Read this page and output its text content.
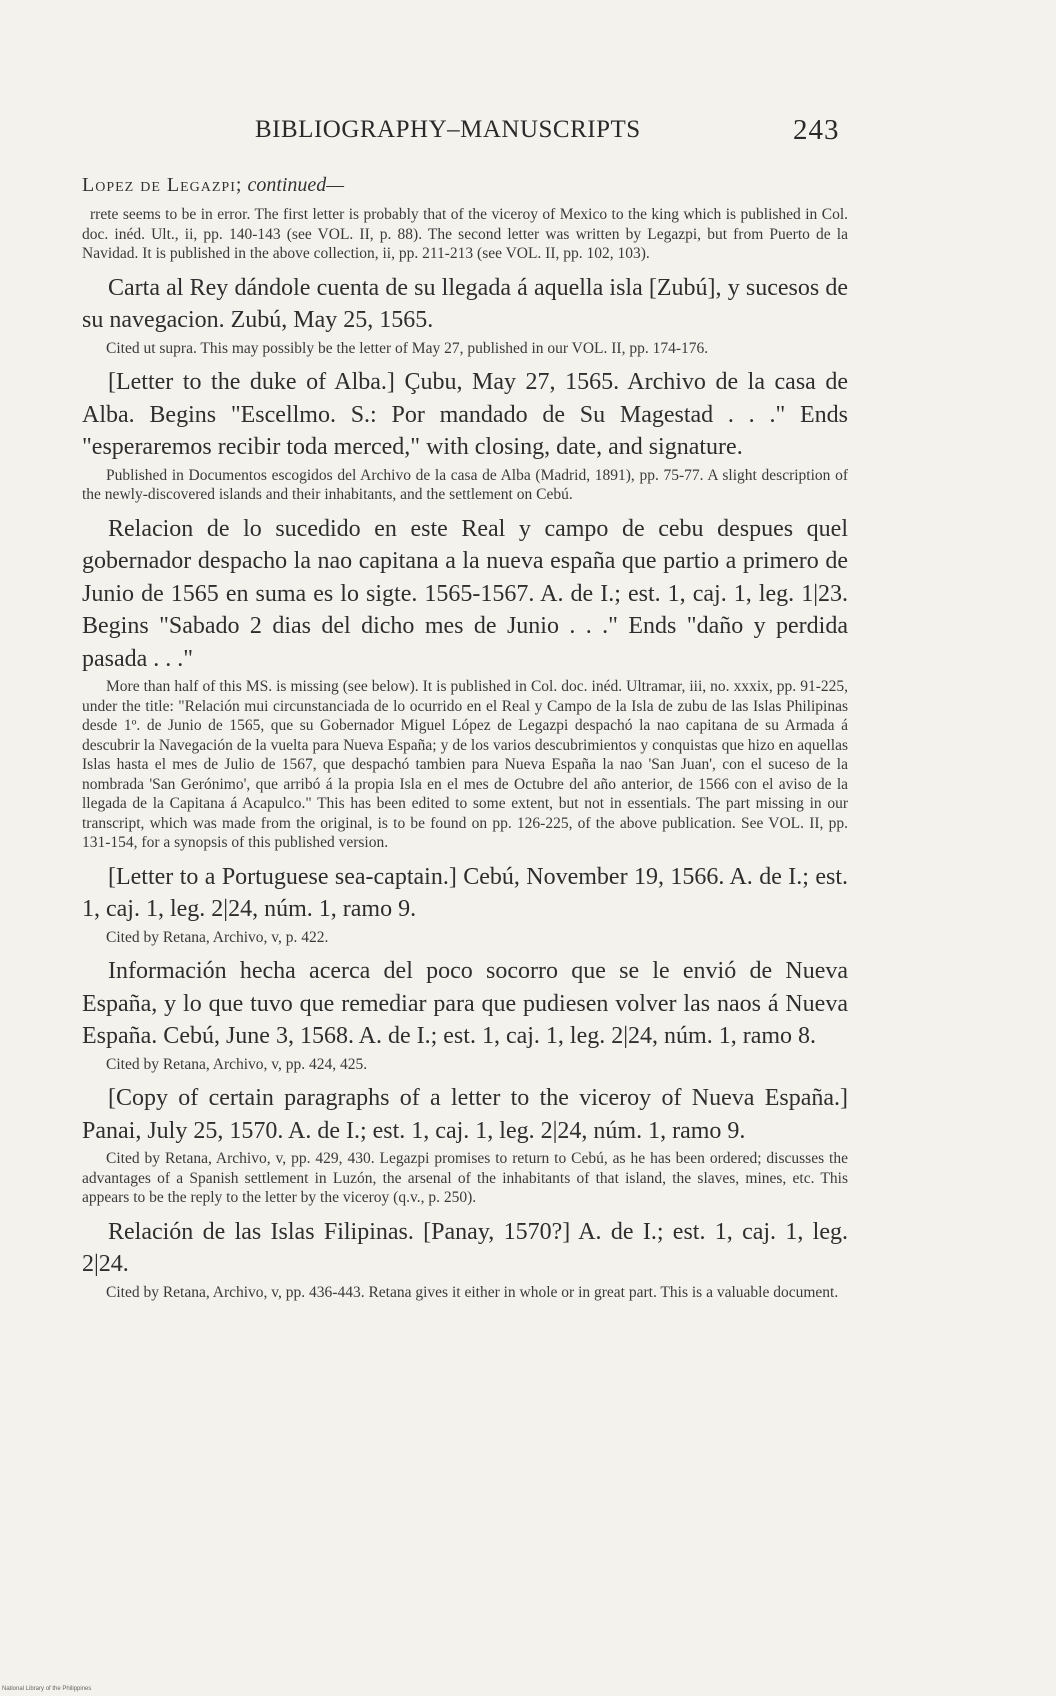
BIBLIOGRAPHY–MANUSCRIPTS	243

Lopez de Legazpi; continued—

rrete seems to be in error. The first letter is probably that of the viceroy of Mexico to the king which is published in Col. doc. inéd. Ult., ii, pp. 140-143 (see VOL. II, p. 88). The second letter was written by Legazpi, but from Puerto de la Navidad. It is published in the above collection, ii, pp. 211-213 (see VOL. II, pp. 102, 103).

Carta al Rey dándole cuenta de su llegada á aquella isla [Zubú], y sucesos de su navegacion. Zubú, May 25, 1565.

Cited ut supra. This may possibly be the letter of May 27, published in our VOL. II, pp. 174-176.

[Letter to the duke of Alba.] Çubu, May 27, 1565. Archivo de la casa de Alba. Begins "Escellmo. S.: Por mandado de Su Magestad . . ." Ends "esperaremos recibir toda merced," with closing, date, and signature.

Published in Documentos escogidos del Archivo de la casa de Alba (Madrid, 1891), pp. 75-77. A slight description of the newly-discovered islands and their inhabitants, and the settlement on Cebú.

Relacion de lo sucedido en este Real y campo de cebu despues quel gobernador despacho la nao capitana a la nueva españa que partio a primero de Junio de 1565 en suma es lo sigte. 1565-1567. A. de I.; est. 1, caj. 1, leg. 1|23. Begins "Sabado 2 dias del dicho mes de Junio . . ." Ends "daño y perdida pasada . . ."

More than half of this MS. is missing (see below). It is published in Col. doc. inéd. Ultramar, iii, no. xxxix, pp. 91-225, under the title: "Relación mui circunstanciada de lo ocurrido en el Real y Campo de la Isla de zubu de las Islas Philipinas desde 1º. de Junio de 1565, que su Gobernador Miguel López de Legazpi despachó la nao capitana de su Armada á descubrir la Navegación de la vuelta para Nueva España; y de los varios descubrimientos y conquistas que hizo en aquellas Islas hasta el mes de Julio de 1567, que despachó tambien para Nueva España la nao 'San Juan', con el suceso de la nombrada 'San Gerónimo', que arribó á la propia Isla en el mes de Octubre del año anterior, de 1566 con el aviso de la llegada de la Capitana á Acapulco." This has been edited to some extent, but not in essentials. The part missing in our transcript, which was made from the original, is to be found on pp. 126-225, of the above publication. See VOL. II, pp. 131-154, for a synopsis of this published version.

[Letter to a Portuguese sea-captain.] Cebú, November 19, 1566. A. de I.; est. 1, caj. 1, leg. 2|24, núm. 1, ramo 9.

Cited by Retana, Archivo, v, p. 422.

Información hecha acerca del poco socorro que se le envió de Nueva España, y lo que tuvo que remediar para que pudiesen volver las naos á Nueva España. Cebú, June 3, 1568. A. de I.; est. 1, caj. 1, leg. 2|24, núm. 1, ramo 8.

Cited by Retana, Archivo, v, pp. 424, 425.

[Copy of certain paragraphs of a letter to the viceroy of Nueva España.] Panai, July 25, 1570. A. de I.; est. 1, caj. 1, leg. 2|24, núm. 1, ramo 9.

Cited by Retana, Archivo, v, pp. 429, 430. Legazpi promises to return to Cebú, as he has been ordered; discusses the advantages of a Spanish settlement in Luzón, the arsenal of the inhabitants of that island, the slaves, mines, etc. This appears to be the reply to the letter by the viceroy (q.v., p. 250).

Relación de las Islas Filipinas. [Panay, 1570?] A. de I.; est. 1, caj. 1, leg. 2|24.

Cited by Retana, Archivo, v, pp. 436-443. Retana gives it either in whole or in great part. This is a valuable document.

National Library of the Philippines
